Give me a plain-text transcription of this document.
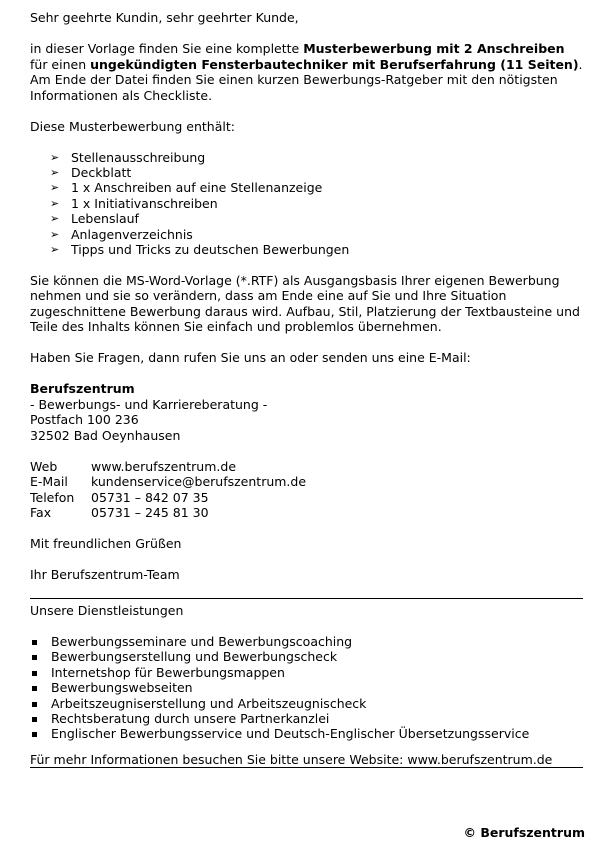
Sehr geehrte Kundin, sehr geehrter Kunde,

in dieser Vorlage finden Sie eine komplette Musterbewerbung mit 2 Anschreiben für einen ungekündigten Fensterbautechniker mit Berufserfahrung (11 Seiten). Am Ende der Datei finden Sie einen kurzen Bewerbungs-Ratgeber mit den nötigsten Informationen als Checkliste.

Diese Musterbewerbung enthält:

➢ Stellenausschreibung
➢ Deckblatt
➢ 1 x Anschreiben auf eine Stellenanzeige
➢ 1 x Initiativanschreiben
➢ Lebenslauf
➢ Anlagenverzeichnis
➢ Tipps und Tricks zu deutschen Bewerbungen

Sie können die MS-Word-Vorlage (*.RTF) als Ausgangsbasis Ihrer eigenen Bewerbung nehmen und sie so verändern, dass am Ende eine auf Sie und Ihre Situation zugeschnittene Bewerbung daraus wird. Aufbau, Stil, Platzierung der Textbausteine und Teile des Inhalts können Sie einfach und problemlos übernehmen.

Haben Sie Fragen, dann rufen Sie uns an oder senden uns eine E-Mail:

Berufszentrum

- Bewerbungs- und Karriereberatung -

Postfach 100 236

32502 Bad Oeynhausen

Web	www.berufszentrum.de
E-Mail	kundenservice@berufszentrum.de
Telefon	05731 – 842 07 35
Fax	05731 – 245 81 30

Mit freundlichen Grüßen

Ihr Berufszentrum-Team

Unsere Dienstleistungen

Bewerbungsseminare und Bewerbungscoaching
Bewerbungserstellung und Bewerbungscheck
Internetshop für Bewerbungsmappen
Bewerbungswebseiten
Arbeitszeugniserstellung und Arbeitszeugnischeck
Rechtsberatung durch unsere Partnerkanzlei
Englischer Bewerbungsservice und Deutsch-Englischer Übersetzungsservice

Für mehr Informationen besuchen Sie bitte unsere Website: www.berufszentrum.de

© Berufszentrum
